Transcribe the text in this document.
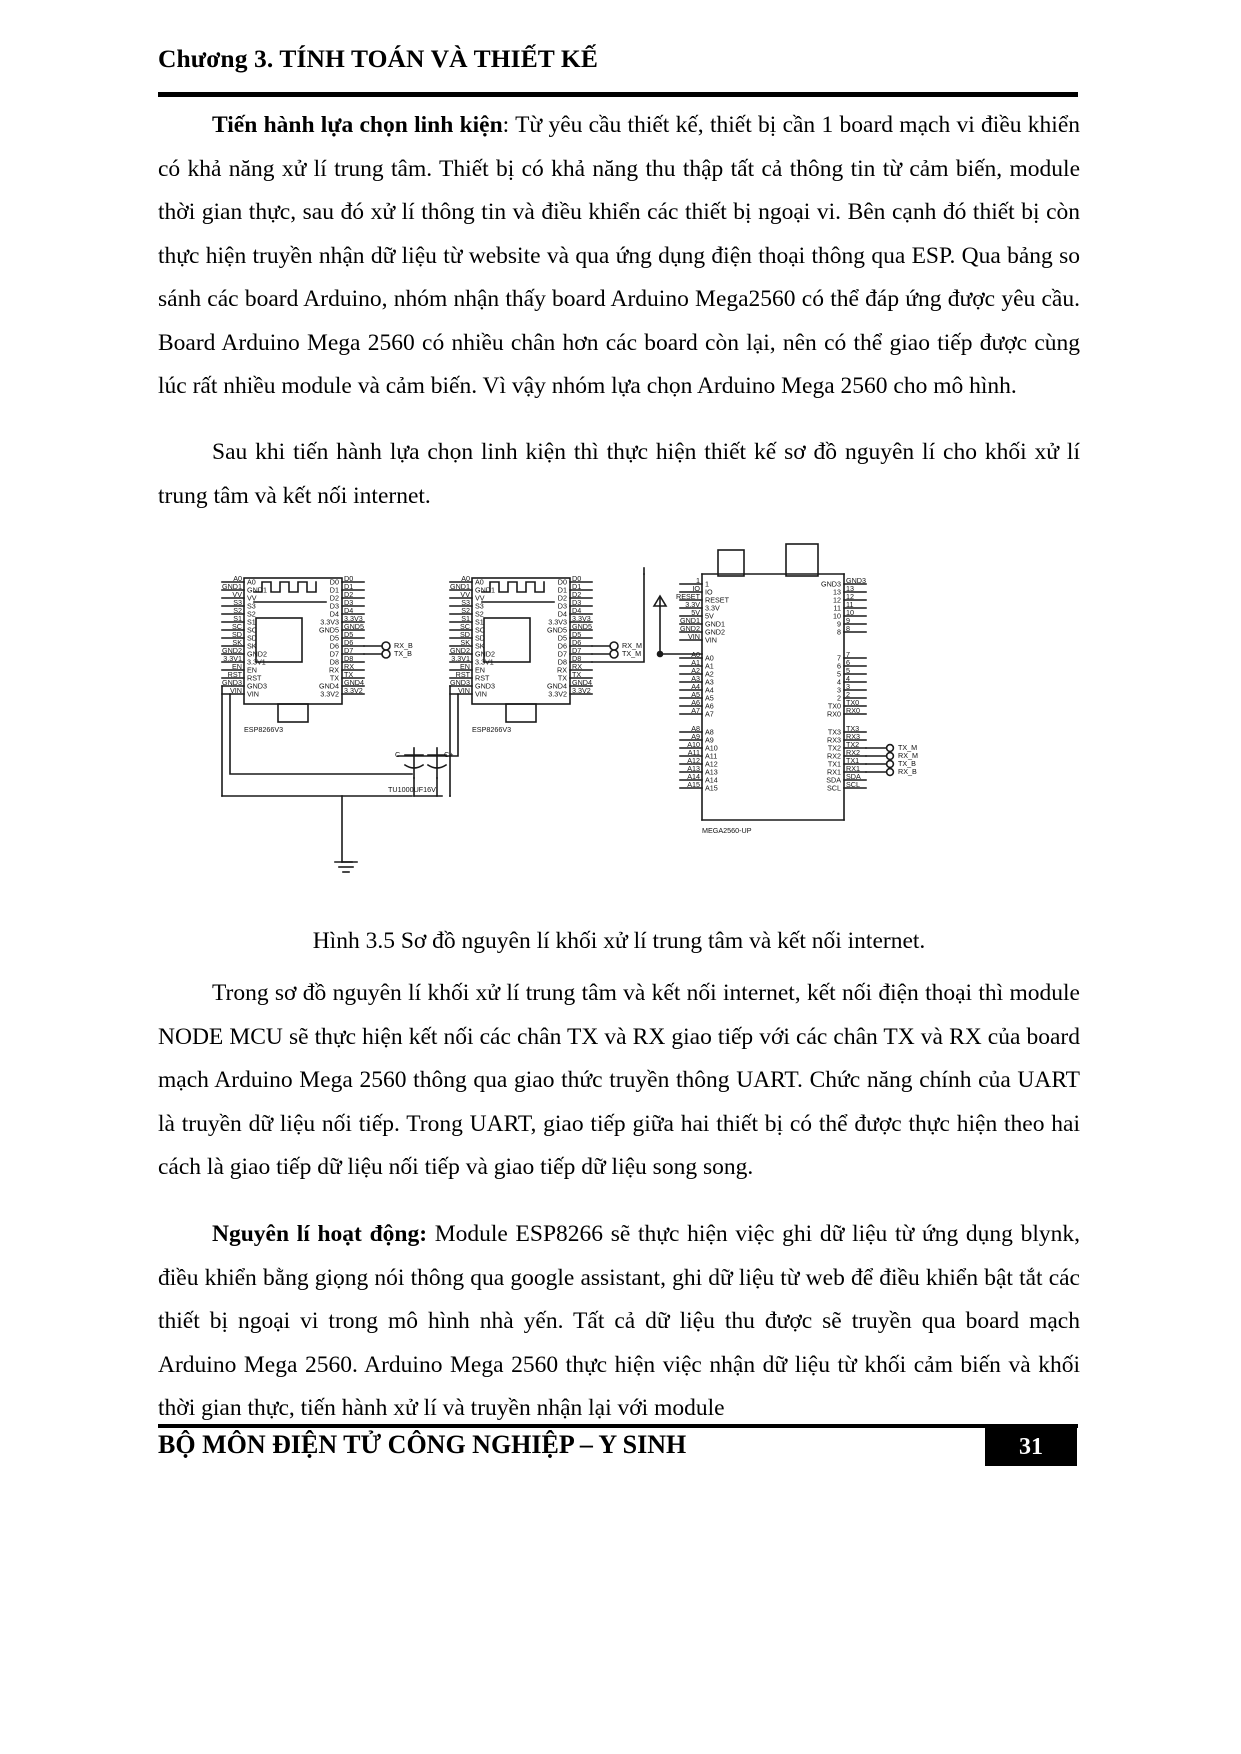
Chương 3. TÍNH TOÁN VÀ THIẾT KẾ

Tiến hành lựa chọn linh kiện: Từ yêu cầu thiết kế, thiết bị cần 1 board mạch vi điều khiển có khả năng xử lí trung tâm. Thiết bị có khả năng thu thập tất cả thông tin từ cảm biến, module thời gian thực, sau đó xử lí thông tin và điều khiển các thiết bị ngoại vi. Bên cạnh đó thiết bị còn thực hiện truyền nhận dữ liệu từ website và qua ứng dụng điện thoại thông qua ESP. Qua bảng so sánh các board Arduino, nhóm nhận thấy board Arduino Mega2560 có thể đáp ứng được yêu cầu. Board Arduino Mega 2560 có nhiều chân hơn các board còn lại, nên có thể giao tiếp được cùng lúc rất nhiều module và cảm biến. Vì vậy nhóm lựa chọn Arduino Mega 2560 cho mô hình.

Sau khi tiến hành lựa chọn linh kiện thì thực hiện thiết kế sơ đồ nguyên lí cho khối xử lí trung tâm và kết nối internet.

A0
GND1
VV
S3
S2
S1
SC
SD
SK
GND2
3.3V1
EN
RST
GND3
VIN
A0
GND1
VV
S3
S2
S1
SC
SD
SK
GND2
3.3V1
EN
RST
GND3
VIN
D0
D1
D2
D3
D4
3.3V3
GND5
D5
D6
D7
D8
RX
TX
GND4
3.3V2
D0
D1
D2
D3
D4
3.3V3
GND5
D5
D6
D7
D8
RX
TX
GND4
3.3V2
A0
GND1
VV
S3
S2
S1
SC
SD
SK
GND2
3.3V1
EN
RST
GND3
VIN
A0
GND1
VV
S3
S2
S1
SC
SD
SK
GND2
3.3V1
EN
RST
GND3
VIN
D0
D1
D2
D3
D4
3.3V3
GND5
D5
D6
D7
D8
RX
TX
GND4
3.3V2
D0
D1
D2
D3
D4
3.3V3
GND5
D5
D6
D7
D8
RX
TX
GND4
3.3V2
1
IO
RESET
3.3V
5V
GND1
GND2
VIN
A0
A1
A2
A3
A4
A5
A6
A7
A8
A9
A10
A11
A12
A13
A14
A15
1
IO
RESET
3.3V
5V
GND1
GND2
VIN
A0
A1
A2
A3
A4
A5
A6
A7
A8
A9
A10
A11
A12
A13
A14
A15
GND3
13
12
11
10
9
8
7
6
5
4
3
2
TX0
RX0
TX3
RX3
TX2
RX2
TX1
RX1
SDA
SCL
GND3
13
12
11
10
9
8
7
6
5
4
3
2
TX0
RX0
TX3
RX3
TX2
RX2
TX1
RX1
SDA
SCL
ESP8266V3	ESP8266V3
C	C+
TU1000UF16V
MEGA2560-UP
RX_B
TX_B
RX_M
TX_M
TX_M
RX_M
TX_B
RX_B
Hình 3.5 Sơ đồ nguyên lí khối xử lí trung tâm và kết nối internet.

Trong sơ đồ nguyên lí khối xử lí trung tâm và kết nối internet, kết nối điện thoại thì module NODE MCU sẽ thực hiện kết nối các chân TX và RX giao tiếp với các chân TX và RX của board mạch Arduino Mega 2560 thông qua giao thức truyền thông UART. Chức năng chính của UART là truyền dữ liệu nối tiếp. Trong UART, giao tiếp giữa hai thiết bị có thể được thực hiện theo hai cách là giao tiếp dữ liệu nối tiếp và giao tiếp dữ liệu song song.

Nguyên lí hoạt động: Module ESP8266 sẽ thực hiện việc ghi dữ liệu từ ứng dụng blynk, điều khiển bằng giọng nói thông qua google assistant, ghi dữ liệu từ web để điều khiển bật tắt các thiết bị ngoại vi trong mô hình nhà yến. Tất cả dữ liệu thu được sẽ truyền qua board mạch Arduino Mega 2560. Arduino Mega 2560 thực hiện việc nhận dữ liệu từ khối cảm biến và khối thời gian thực, tiến hành xử lí và truyền nhận lại với module

BỘ MÔN ĐIỆN TỬ CÔNG NGHIỆP – Y SINH	31
